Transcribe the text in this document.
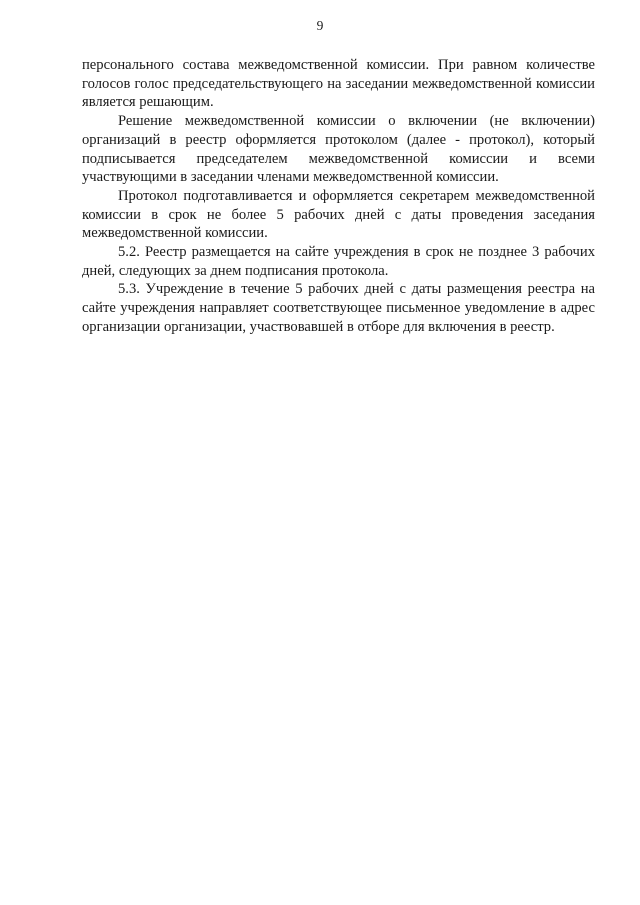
9

персонального состава межведомственной комиссии. При равном количестве голосов голос председательствующего на заседании межведомственной комиссии является решающим.

Решение межведомственной комиссии о включении (не включении) организаций в реестр оформляется протоколом (далее - протокол), который подписывается председателем межведомственной комиссии и всеми участвующими в заседании членами межведомственной комиссии.

Протокол подготавливается и оформляется секретарем межведомственной комиссии в срок не более 5 рабочих дней с даты проведения заседания межведомственной комиссии.

5.2. Реестр размещается на сайте учреждения в срок не позднее 3 рабочих дней, следующих за днем подписания протокола.

5.3. Учреждение в течение 5 рабочих дней с даты размещения реестра на сайте учреждения направляет соответствующее письменное уведомление в адрес организации организации, участвовавшей в отборе для включения в реестр.
